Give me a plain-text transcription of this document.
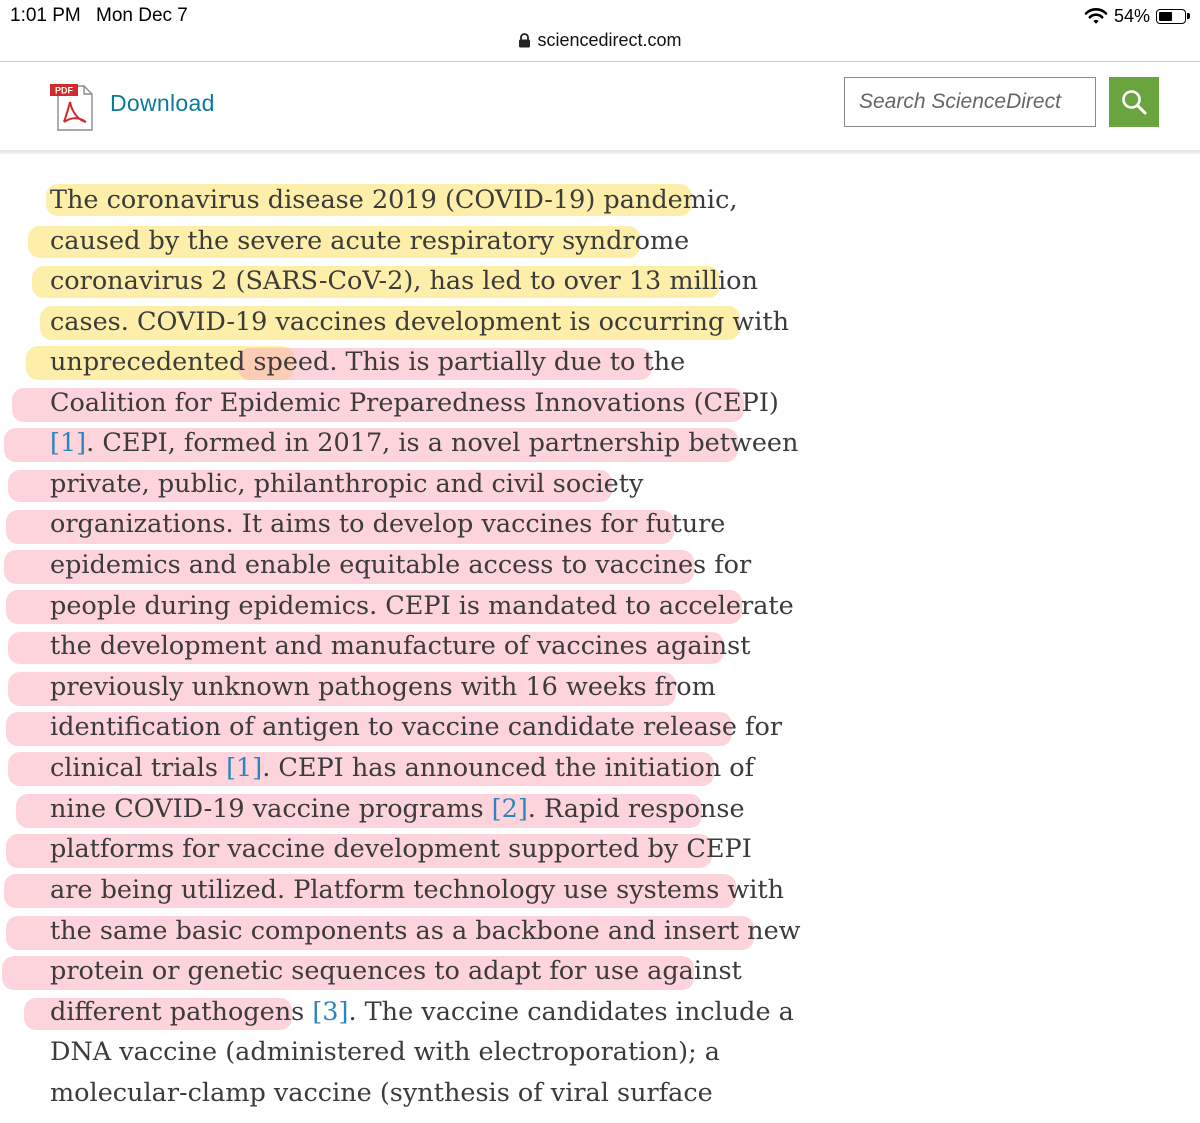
1:01 PM Mon Dec 7
sciencedirect.com
54%
PDF Download
Search ScienceDirect
The coronavirus disease 2019 (COVID-19) pandemic,
caused by the severe acute respiratory syndrome
coronavirus 2 (SARS-CoV-2), has led to over 13 million
cases. COVID-19 vaccines development is occurring with
unprecedented speed. This is partially due to the
Coalition for Epidemic Preparedness Innovations (CEPI)
[1]. CEPI, formed in 2017, is a novel partnership between
private, public, philanthropic and civil society
organizations. It aims to develop vaccines for future
epidemics and enable equitable access to vaccines for
people during epidemics. CEPI is mandated to accelerate
the development and manufacture of vaccines against
previously unknown pathogens with 16 weeks from
identification of antigen to vaccine candidate release for
clinical trials [1]. CEPI has announced the initiation of
nine COVID-19 vaccine programs [2]. Rapid response
platforms for vaccine development supported by CEPI
are being utilized. Platform technology use systems with
the same basic components as a backbone and insert new
protein or genetic sequences to adapt for use against
different pathogens [3]. The vaccine candidates include a
DNA vaccine (administered with electroporation); a
molecular-clamp vaccine (synthesis of viral surface
